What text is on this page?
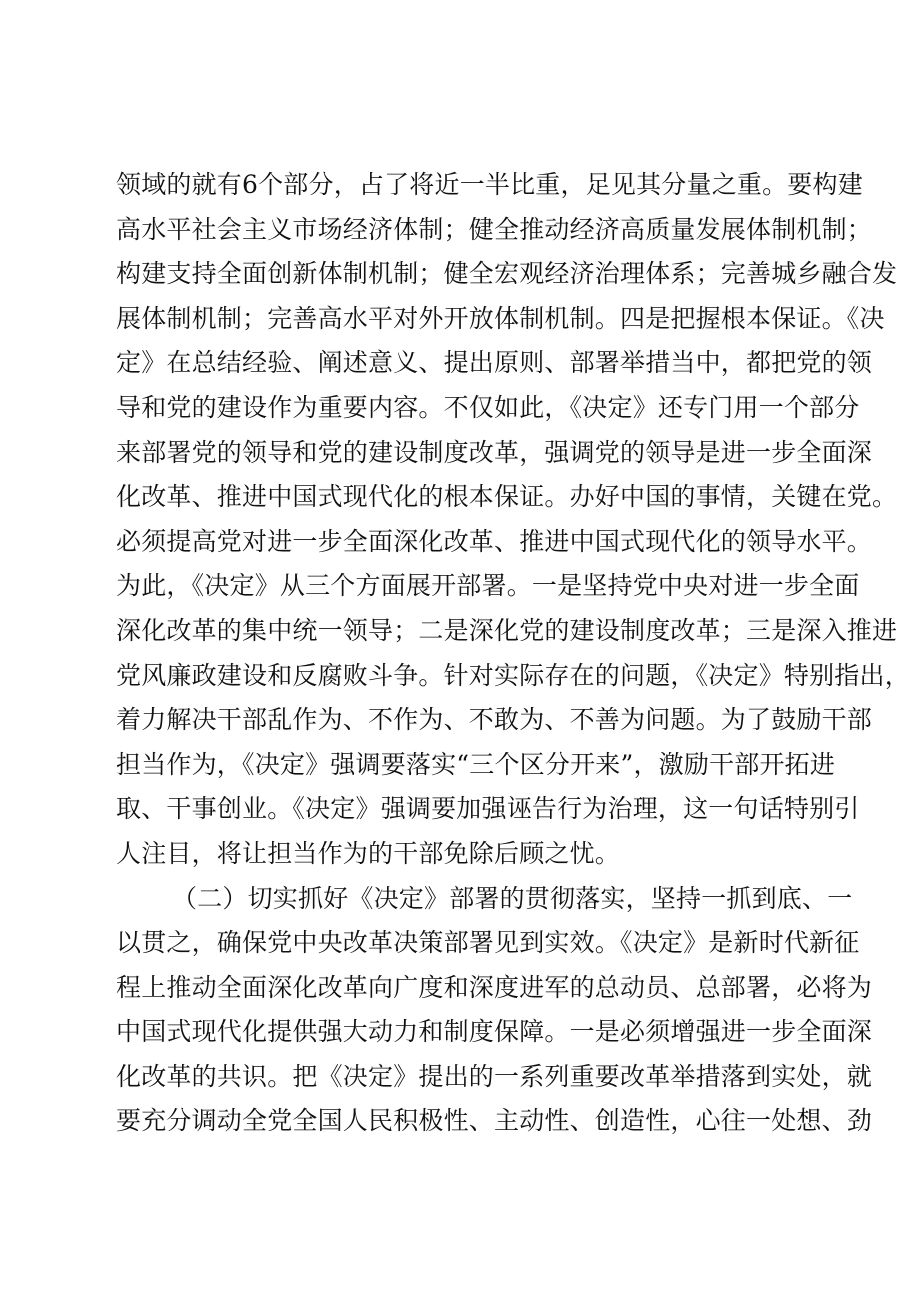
领域的就有6个部分，占了将近一半比重，足见其分量之重。要构建
高水平社会主义市场经济体制；健全推动经济高质量发展体制机制；
构建支持全面创新体制机制；健全宏观经济治理体系；完善城乡融合发
展体制机制；完善高水平对外开放体制机制。四是把握根本保证。《决
定》在总结经验、阐述意义、提出原则、部署举措当中，都把党的领
导和党的建设作为重要内容。不仅如此，《决定》还专门用一个部分
来部署党的领导和党的建设制度改革，强调党的领导是进一步全面深
化改革、推进中国式现代化的根本保证。办好中国的事情，关键在党。
必须提高党对进一步全面深化改革、推进中国式现代化的领导水平。
为此，《决定》从三个方面展开部署。一是坚持党中央对进一步全面
深化改革的集中统一领导；二是深化党的建设制度改革；三是深入推进
党风廉政建设和反腐败斗争。针对实际存在的问题，《决定》特别指出，
着力解决干部乱作为、不作为、不敢为、不善为问题。为了鼓励干部
担当作为，《决定》强调要落实“三个区分开来”，激励干部开拓进
取、干事创业。《决定》强调要加强诬告行为治理，这一句话特别引
人注目，将让担当作为的干部免除后顾之忧。
（二）切实抓好《决定》部署的贯彻落实，坚持一抓到底、一
以贯之，确保党中央改革决策部署见到实效。《决定》是新时代新征
程上推动全面深化改革向广度和深度进军的总动员、总部署，必将为
中国式现代化提供强大动力和制度保障。一是必须增强进一步全面深
化改革的共识。把《决定》提出的一系列重要改革举措落到实处，就
要充分调动全党全国人民积极性、主动性、创造性，心往一处想、劲
